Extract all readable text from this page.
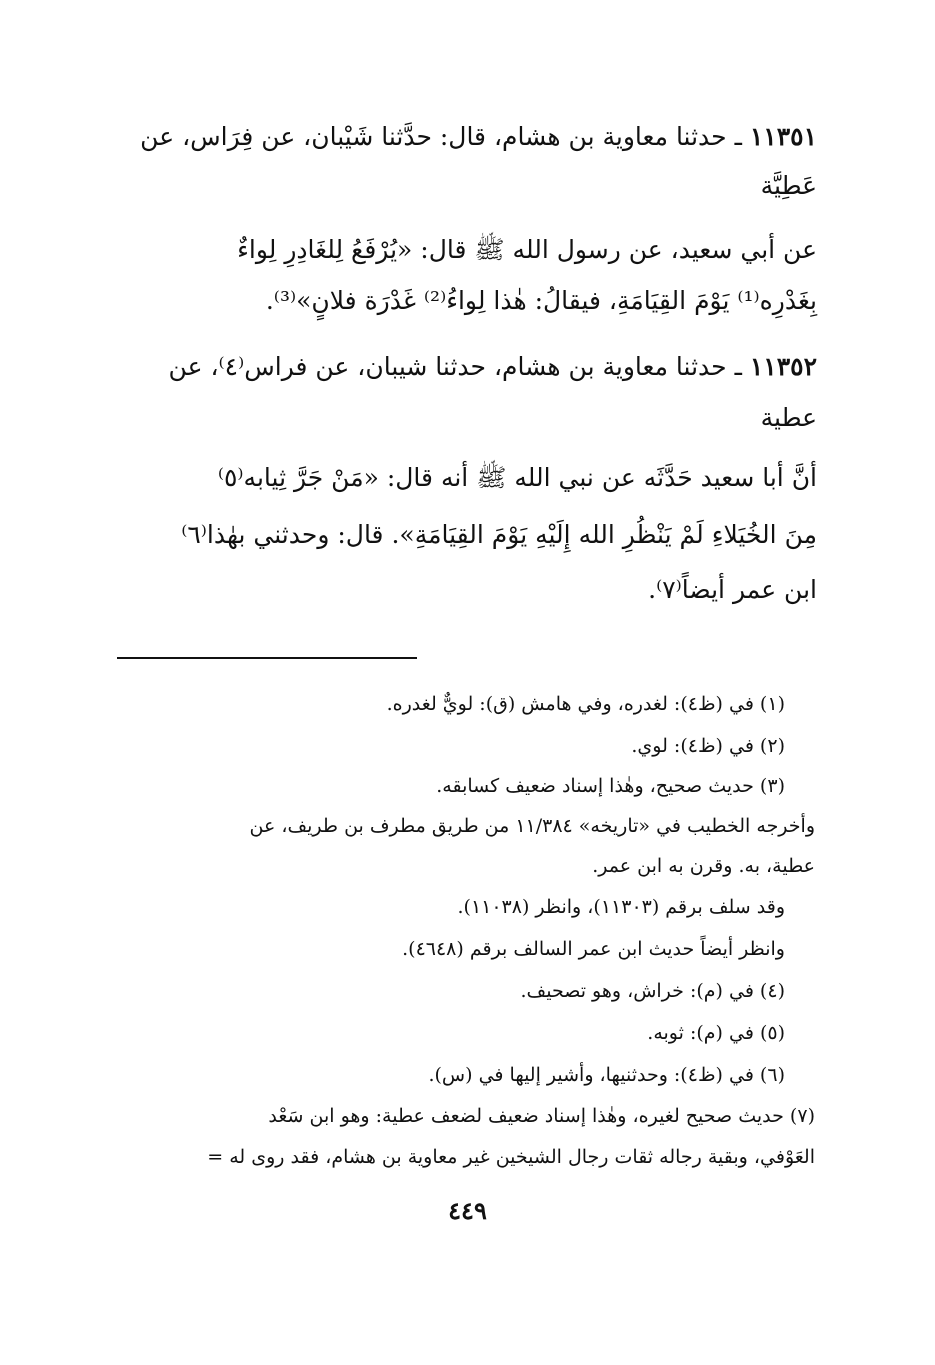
١١٣٥١ ـ حدثنا معاوية بن هشام، قال: حدَّثنا شَيْبان، عن فِرَاس، عن
عَطِيَّة
عن أبي سعيد، عن رسول الله ﷺ قال: «يُرْفَعُ لِلغَادِرِ لِواءٌ
بِغَدْرِه⁽¹⁾ يَوْمَ القِيَامَةِ، فيقالُ: هٰذا لِواءُ⁽²⁾ غَدْرَة فلانٍ»⁽³⁾.
١١٣٥٢ ـ حدثنا معاوية بن هشام، حدثنا شيبان، عن فراس⁽٤⁾، عن
عطية
أنَّ أبا سعيد حَدَّثَه عن نبي الله ﷺ أنه قال: «مَنْ جَرَّ ثِيابه⁽٥⁾
مِنَ الخُيَلاءِ لَمْ يَنْظُرِ الله إِلَيْهِ يَوْمَ القِيَامَةِ». قال: وحدثني بهٰذا⁽٦⁾
ابن عمر أيضاً⁽٧⁾.
(١) في (ظ٤): لغدره، وفي هامش (ق): لويٌّ لغدره.
(٢) في (ظ٤): لوي.
(٣) حديث صحيح، وهٰذا إسناد ضعيف كسابقه.
وأخرجه الخطيب في «تاريخه» ١١/٣٨٤ من طريق مطرف بن طريف، عن
عطية، به. وقرن به ابن عمر.
وقد سلف برقم (١١٣٠٣)، وانظر (١١٠٣٨).
وانظر أيضاً حديث ابن عمر السالف برقم (٤٦٤٨).
(٤) في (م): خراش، وهو تصحيف.
(٥) في (م): ثوبه.
(٦) في (ظ٤): وحدثنيها، وأشير إليها في (س).
(٧) حديث صحيح لغيره، وهٰذا إسناد ضعيف لضعف عطية: وهو ابن سَعْد
العَوْفي، وبقية رجاله ثقات رجال الشيخين غير معاوية بن هشام، فقد روى له =
٤٤٩
